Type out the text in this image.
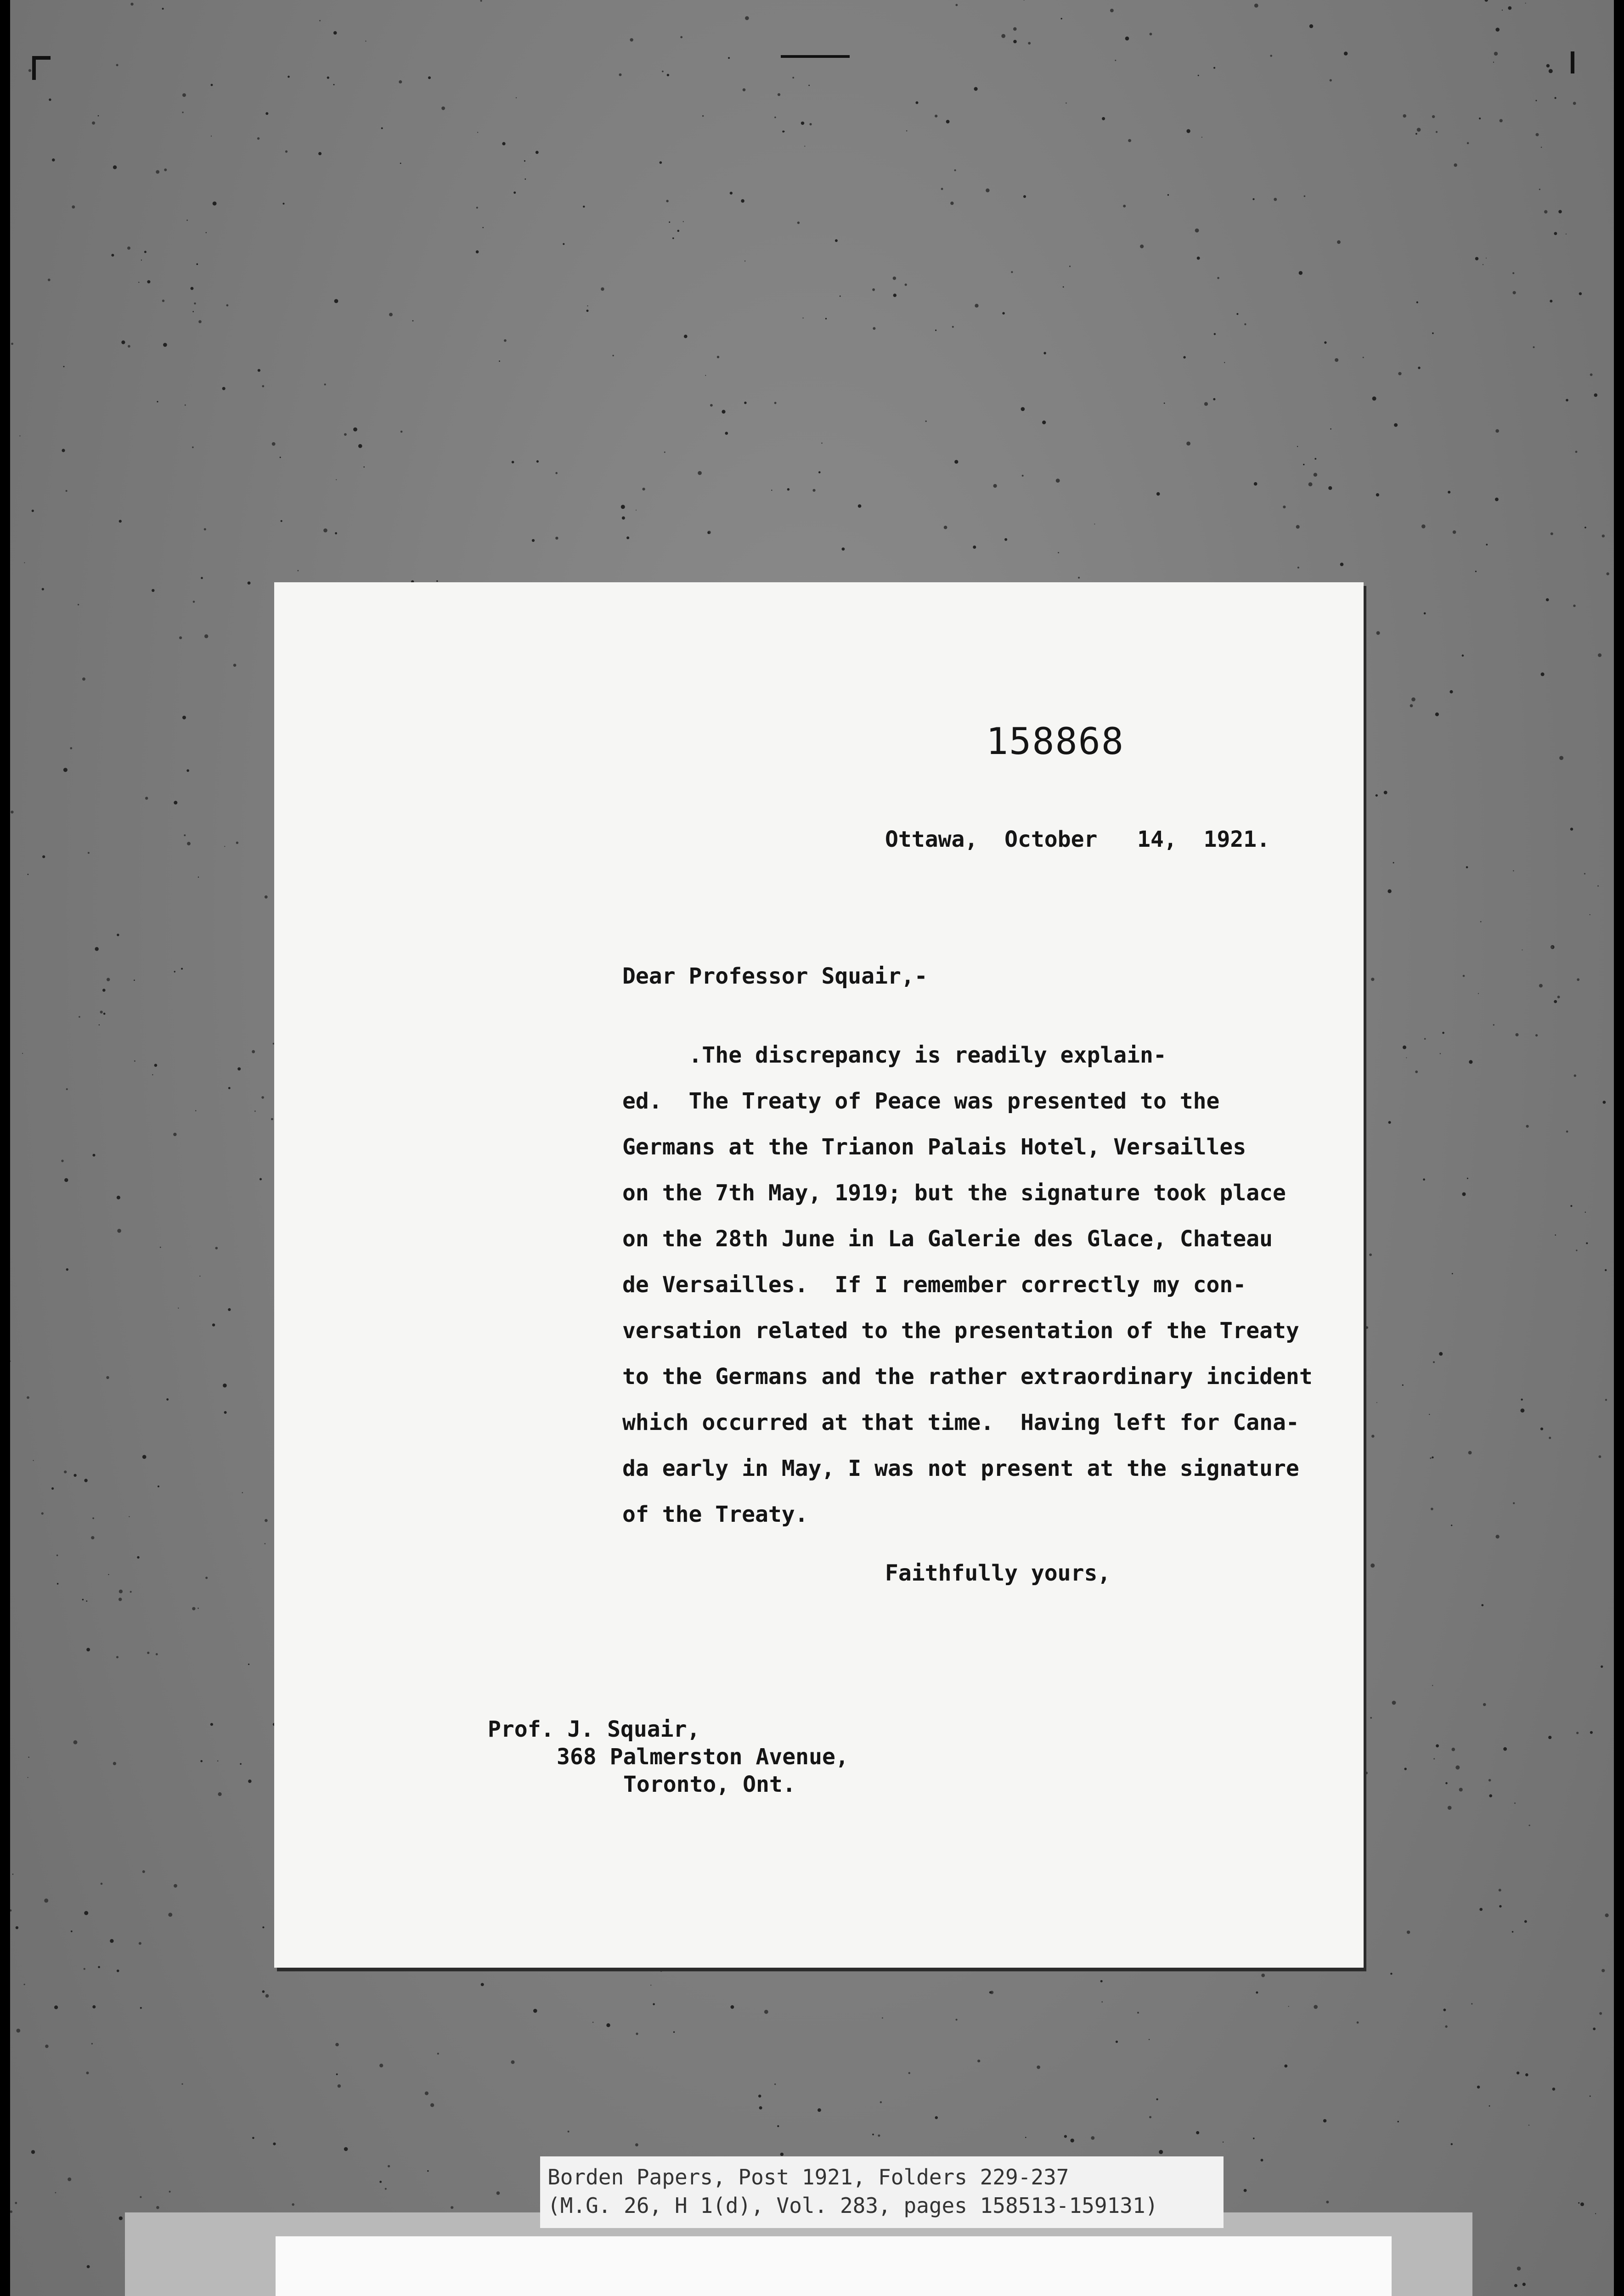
158868
Ottawa, October 14, 1921.
Dear Professor Squair,-
.The discrepancy is readily explain-
ed.  The Treaty of Peace was presented to the
Germans at the Trianon Palais Hotel, Versailles
on the 7th May, 1919; but the signature took place
on the 28th June in La Galerie des Glace, Chateau
de Versailles.  If I remember correctly my con-
versation related to the presentation of the Treaty
to the Germans and the rather extraordinary incident
which occurred at that time.  Having left for Cana-
da early in May, I was not present at the signature
of the Treaty.
Faithfully yours,
Prof. J. Squair,
368 Palmerston Avenue,
Toronto, Ont.
Borden Papers, Post 1921, Folders 229-237
(M.G. 26, H 1(d), Vol. 283, pages 158513-159131)
